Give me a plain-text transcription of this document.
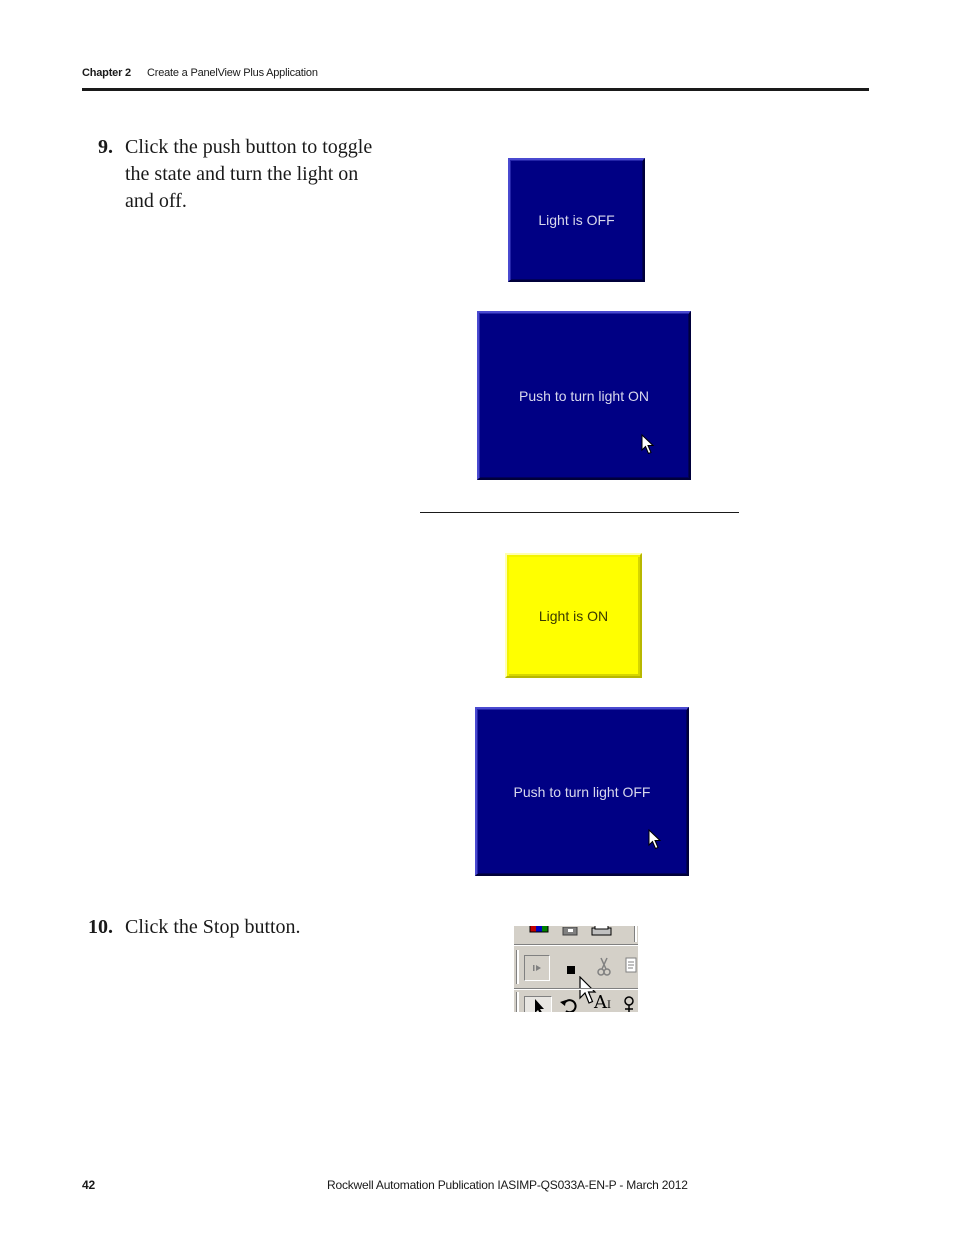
Chapter 2 Create a PanelView Plus Application
9. Click the push button to toggle
the state and turn the light on
and off.
Light is OFF
Push to turn light ON
Light is ON
Push to turn light OFF
10. Click the Stop button.
AI
42	Rockwell Automation Publication IASIMP-QS033A-EN-P - March 2012
